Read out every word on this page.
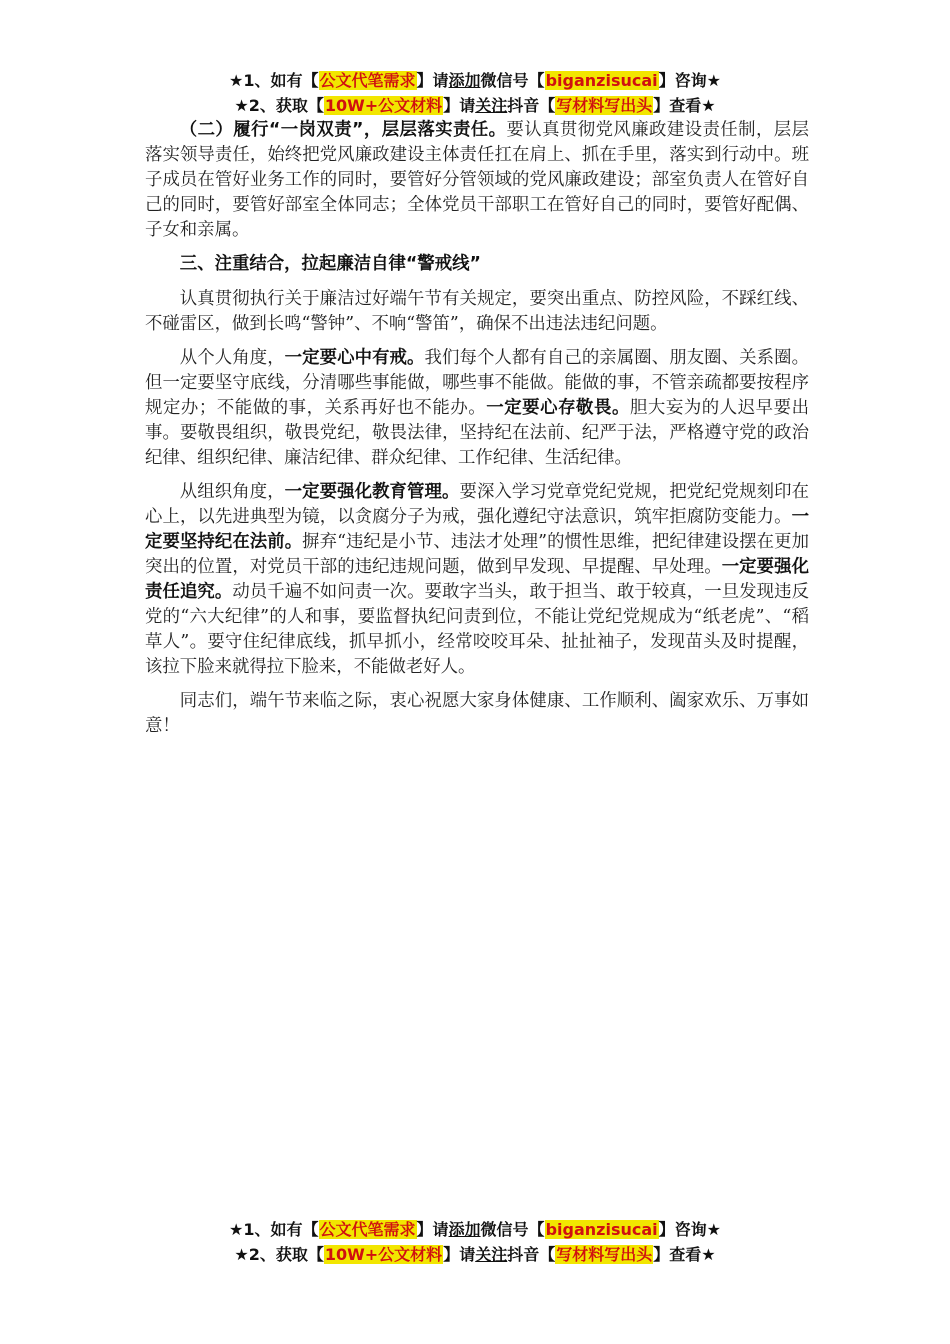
★1、如有【公文代笔需求】请添加微信号【biganzisucai】咨询★
★2、获取【10W+公文材料】请关注抖音【写材料写出头】查看★

（二）履行“一岗双责”，层层落实责任。要认真贯彻党风廉政建设责任制，层层落实领导责任，始终把党风廉政建设主体责任扛在肩上、抓在手里，落实到行动中。班子成员在管好业务工作的同时，要管好分管领域的党风廉政建设；部室负责人在管好自己的同时，要管好部室全体同志；全体党员干部职工在管好自己的同时，要管好配偶、子女和亲属。

三、注重结合，拉起廉洁自律“警戒线”

认真贯彻执行关于廉洁过好端午节有关规定，要突出重点、防控风险，不踩红线、不碰雷区，做到长鸣“警钟”、不响“警笛”，确保不出违法违纪问题。

从个人角度，一定要心中有戒。我们每个人都有自己的亲属圈、朋友圈、关系圈。但一定要坚守底线，分清哪些事能做，哪些事不能做。能做的事，不管亲疏都要按程序规定办；不能做的事，关系再好也不能办。一定要心存敬畏。胆大妄为的人迟早要出事。要敬畏组织，敬畏党纪，敬畏法律，坚持纪在法前、纪严于法，严格遵守党的政治纪律、组织纪律、廉洁纪律、群众纪律、工作纪律、生活纪律。

从组织角度，一定要强化教育管理。要深入学习党章党纪党规，把党纪党规刻印在心上，以先进典型为镜，以贪腐分子为戒，强化遵纪守法意识，筑牢拒腐防变能力。一定要坚持纪在法前。摒弃“违纪是小节、违法才处理”的惯性思维，把纪律建设摆在更加突出的位置，对党员干部的违纪违规问题，做到早发现、早提醒、早处理。一定要强化责任追究。动员千遍不如问责一次。要敢字当头，敢于担当、敢于较真，一旦发现违反党的“六大纪律”的人和事，要监督执纪问责到位，不能让党纪党规成为“纸老虎”、“稻草人”。要守住纪律底线，抓早抓小，经常咬咬耳朵、扯扯袖子，发现苗头及时提醒，该拉下脸来就得拉下脸来，不能做老好人。

同志们，端午节来临之际，衷心祝愿大家身体健康、工作顺利、阖家欢乐、万事如意！

★1、如有【公文代笔需求】请添加微信号【biganzisucai】咨询★
★2、获取【10W+公文材料】请关注抖音【写材料写出头】查看★
